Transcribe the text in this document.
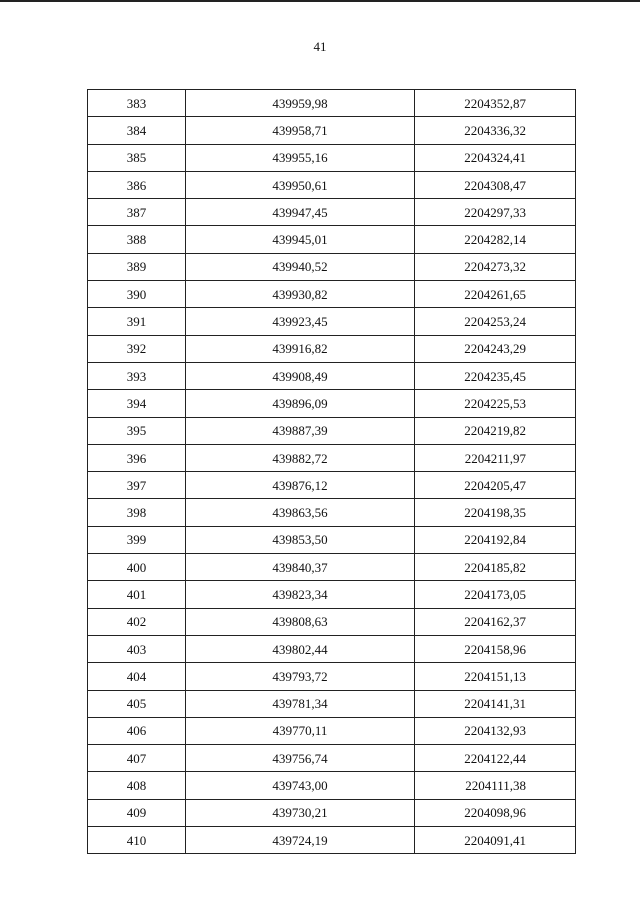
41
383	439959,98	2204352,87
384	439958,71	2204336,32
385	439955,16	2204324,41
386	439950,61	2204308,47
387	439947,45	2204297,33
388	439945,01	2204282,14
389	439940,52	2204273,32
390	439930,82	2204261,65
391	439923,45	2204253,24
392	439916,82	2204243,29
393	439908,49	2204235,45
394	439896,09	2204225,53
395	439887,39	2204219,82
396	439882,72	2204211,97
397	439876,12	2204205,47
398	439863,56	2204198,35
399	439853,50	2204192,84
400	439840,37	2204185,82
401	439823,34	2204173,05
402	439808,63	2204162,37
403	439802,44	2204158,96
404	439793,72	2204151,13
405	439781,34	2204141,31
406	439770,11	2204132,93
407	439756,74	2204122,44
408	439743,00	2204111,38
409	439730,21	2204098,96
410	439724,19	2204091,41
